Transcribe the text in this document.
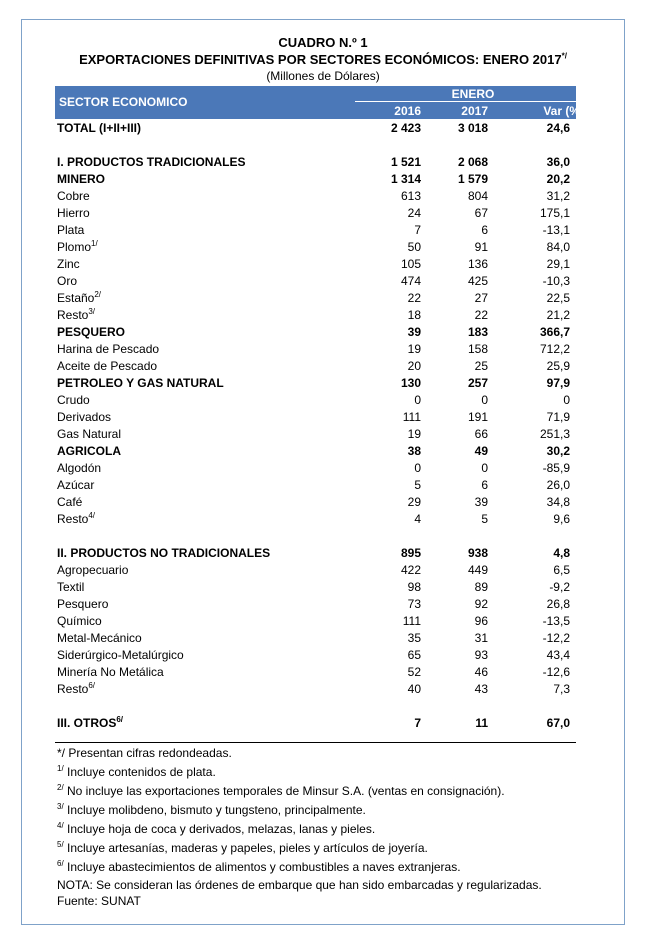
CUADRO N.º 1
EXPORTACIONES DEFINITIVAS POR SECTORES ECONÓMICOS: ENERO 2017*/
(Millones de Dólares)
SECTOR ECONOMICO
ENERO
2016	2017	Var (%)
TOTAL (I+II+III)	2 423	3 018	24,6
I. PRODUCTOS TRADICIONALES	1 521	2 068	36,0
MINERO	1 314	1 579	20,2
Cobre	613	804	31,2
Hierro	24	67	175,1
Plata	7	6	-13,1
Plomo$^{1/}$	50	91	84,0
Zinc	105	136	29,1
Oro	474	425	-10,3
Estaño$^{2/}$	22	27	22,5
Resto$^{3/}$	18	22	21,2
PESQUERO	39	183	366,7
Harina de Pescado	19	158	712,2
Aceite de Pescado	20	25	25,9
PETROLEO Y GAS NATURAL	130	257	97,9
Crudo	0	0	0
Derivados	111	191	71,9
Gas Natural	19	66	251,3
AGRICOLA	38	49	30,2
Algodón	0	0	-85,9
Azúcar	5	6	26,0
Café	29	39	34,8
Resto$^{4/}$	4	5	9,6
II. PRODUCTOS NO TRADICIONALES	895	938	4,8
Agropecuario	422	449	6,5
Textil	98	89	-9,2
Pesquero	73	92	26,8
Químico	111	96	-13,5
Metal-Mecánico	35	31	-12,2
Siderúrgico-Metalúrgico	65	93	43,4
Minería No Metálica	52	46	-12,6
Resto$^{6/}$	40	43	7,3
III. $OTROS^{6/}$	7	11	67,0
*/ Presentan cifras redondeadas.
$^{1/}$ Incluye contenidos de plata.
$^{2/}$ No incluye las exportaciones temporales de Minsur S.A. (ventas en consignación).
$^{3/}$ Incluye molibdeno, bismuto y tungsteno, principalmente.
$^{4/}$ Incluye hoja de coca y derivados, melazas, lanas y pieles.
$^{5/}$ Incluye artesanías, maderas y papeles, pieles y artículos de joyería.
$^{6/}$ Incluye abastecimientos de alimentos y combustibles a naves extranjeras.
NOTA: Se consideran las órdenes de embarque que han sido embarcadas y regularizadas.
Fuente: SUNAT
